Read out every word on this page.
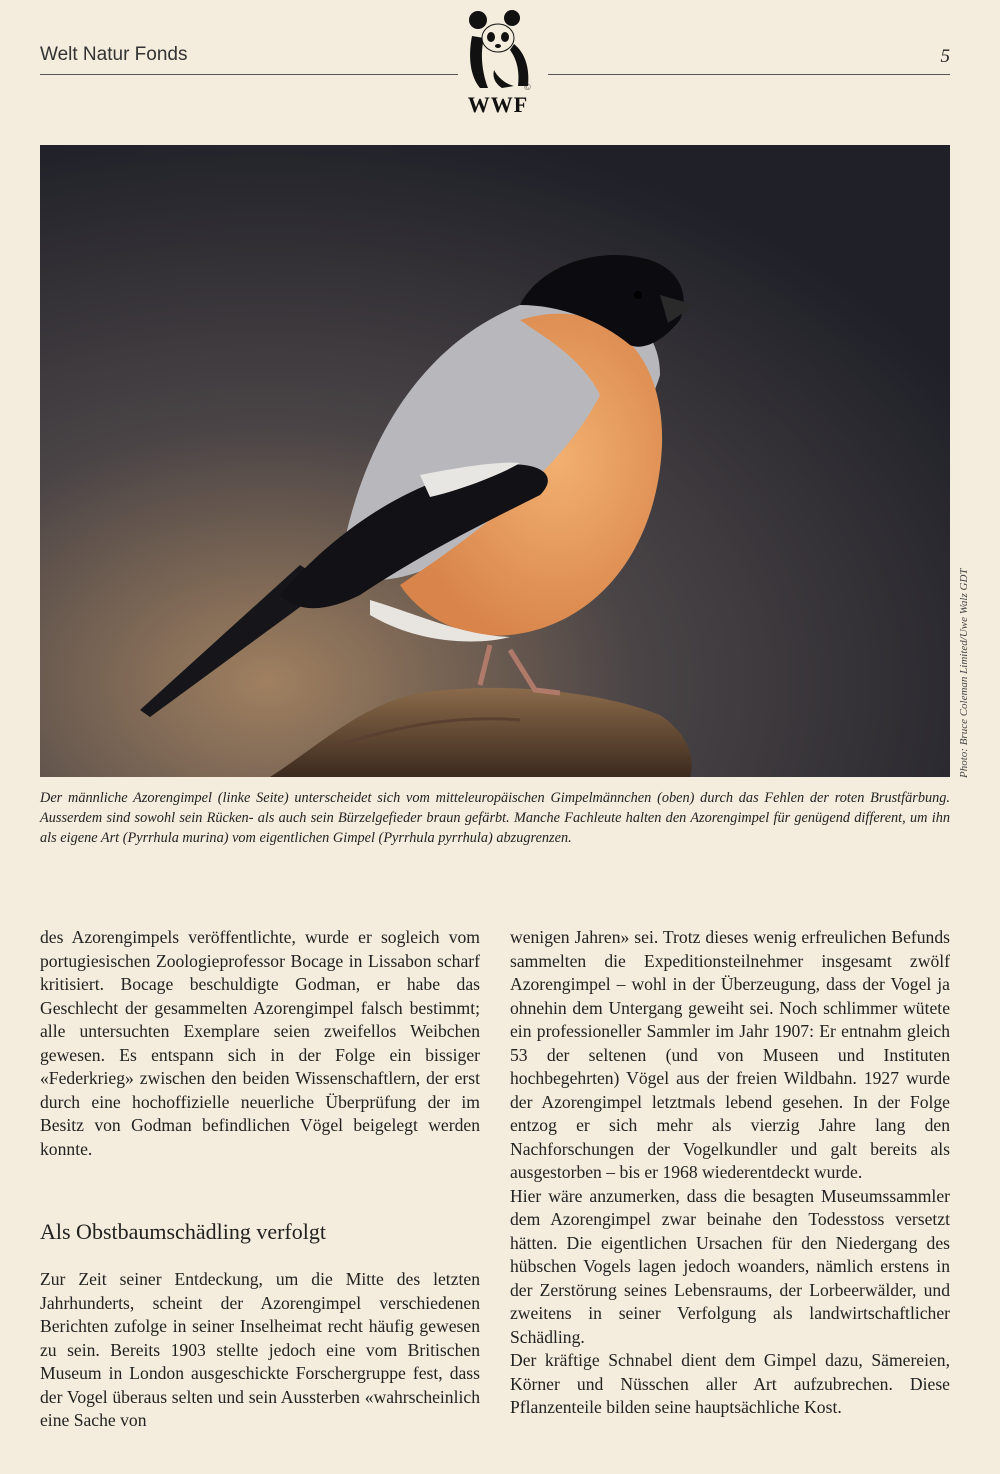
Welt Natur Fonds
©
WWF
5
Photo: Bruce Coleman Limited/Uwe Walz GDT
Der männliche Azorengimpel (linke Seite) unterscheidet sich vom mitteleuropäischen Gimpelmännchen (oben) durch das Fehlen der roten Brustfärbung. Ausserdem sind sowohl sein Rücken- als auch sein Bürzelgefieder braun gefärbt. Manche Fachleute halten den Azorengimpel für genügend different, um ihn als eigene Art (Pyrrhula murina) vom eigentlichen Gimpel (Pyrrhula pyrrhula) abzugrenzen.

des Azorengimpels veröffentlichte, wurde er sogleich vom portugiesischen Zoologieprofessor Bocage in Lissabon scharf kritisiert. Bocage beschuldigte Godman, er habe das Geschlecht der gesammelten Azorengimpel falsch bestimmt; alle untersuchten Exemplare seien zweifellos Weibchen gewesen. Es entspann sich in der Folge ein bissiger «Federkrieg» zwischen den beiden Wissenschaftlern, der erst durch eine hochoffizielle neuerliche Überprüfung der im Besitz von Godman befindlichen Vögel beigelegt werden konnte.

Als Obstbaumschädling verfolgt

Zur Zeit seiner Entdeckung, um die Mitte des letzten Jahrhunderts, scheint der Azorengimpel verschiedenen Berichten zufolge in seiner Inselheimat recht häufig gewesen zu sein. Bereits 1903 stellte jedoch eine vom Britischen Museum in London ausgeschickte Forschergruppe fest, dass der Vogel überaus selten und sein Aussterben «wahrscheinlich eine Sache von

wenigen Jahren» sei. Trotz dieses wenig erfreulichen Befunds sammelten die Expeditionsteilnehmer insgesamt zwölf Azorengimpel – wohl in der Überzeugung, dass der Vogel ja ohnehin dem Untergang geweiht sei. Noch schlimmer wütete ein professioneller Sammler im Jahr 1907: Er entnahm gleich 53 der seltenen (und von Museen und Instituten hochbegehrten) Vögel aus der freien Wildbahn. 1927 wurde der Azorengimpel letztmals lebend gesehen. In der Folge entzog er sich mehr als vierzig Jahre lang den Nachforschungen der Vogelkundler und galt bereits als ausgestorben – bis er 1968 wiederentdeckt wurde.

Hier wäre anzumerken, dass die besagten Museumssammler dem Azorengimpel zwar beinahe den Todesstoss versetzt hätten. Die eigentlichen Ursachen für den Niedergang des hübschen Vogels lagen jedoch woanders, nämlich erstens in der Zerstörung seines Lebensraums, der Lorbeerwälder, und zweitens in seiner Verfolgung als landwirtschaftlicher Schädling.

Der kräftige Schnabel dient dem Gimpel dazu, Sämereien, Körner und Nüsschen aller Art aufzubrechen. Diese Pflanzenteile bilden seine hauptsächliche Kost.
